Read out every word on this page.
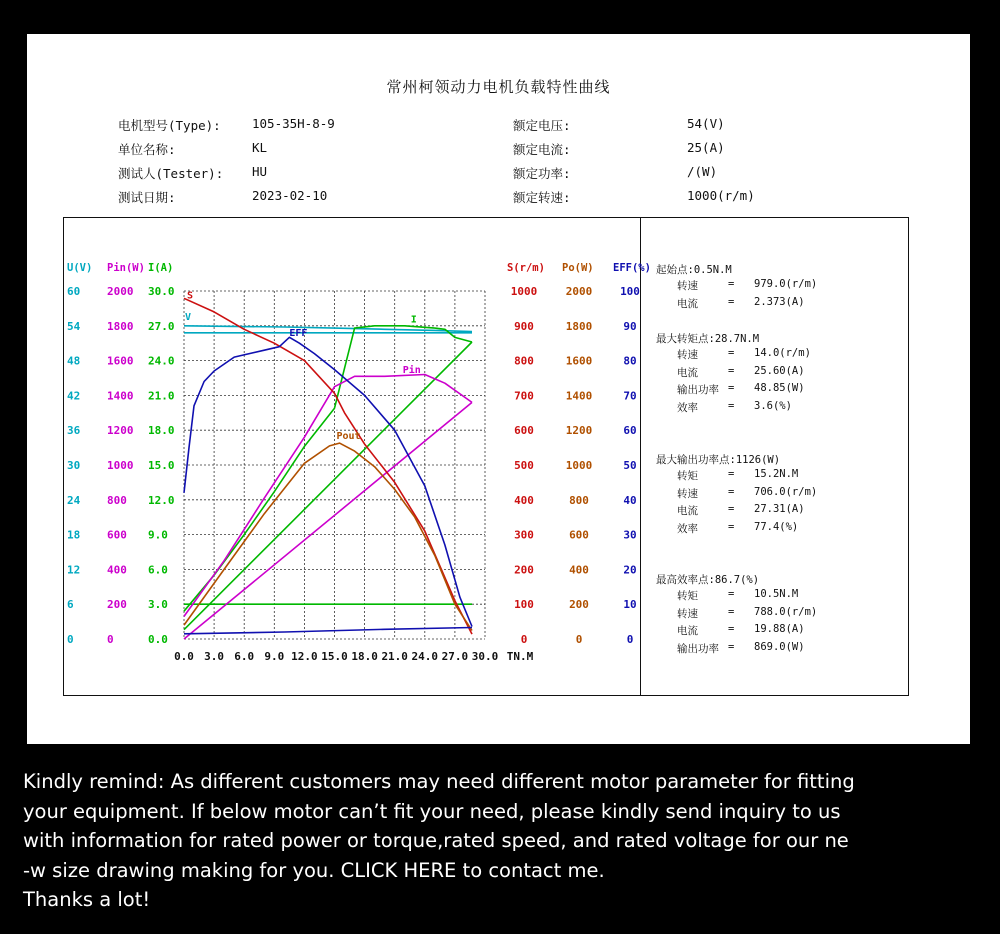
常州柯领动力电机负载特性曲线
电机型号(Type):	105-35H-8-9
单位名称:	KL
测试人(Tester): HU
测试日期:	2023-02-10
额定电压:	54(V)
额定电流:	25(A)
额定功率:	/(W)
额定转速:	1000(r/m)
0.0 3.0 6.0 9.0 12.0 15.0 18.0 21.0 24.0 27.0 30.0 TN.M
U(V)
60
54
48
42
36
30
24
18
12
6
0
Pin(W)
2000
1800
1600
1400
1200
1000
800
600
400
200
0
I(A)
30.0
27.0
24.0
21.0
18.0
15.0
12.0
9.0
6.0
3.0
0.0
S(r/m)
1000
900
800
700
600
500
400
300
200
100
0
Po(W)
2000
1800
1600
1400
1200
1000
800
600
400
200
0
EFF(%)
100
90
80
70
60
50
40
30
20
10
0
S
V	I
EFF
Pin
Pout
起始点:0.5N.M
转速	= 979.0(r/m)
电流	= 2.373(A)
最大转矩点:28.7N.M
转速	= 14.0(r/m)
电流	= 25.60(A)
输出功率 = 48.85(W)
效率	= 3.6(%)
最大输出功率点:1126(W)
转矩	= 15.2N.M
转速	= 706.0(r/m)
电流	= 27.31(A)
效率	= 77.4(%)
最高效率点:86.7(%)
转矩	= 10.5N.M
转速	= 788.0(r/m)
电流	= 19.88(A)
输出功率 = 869.0(W)
Kindly remind: As different customers may need different motor parameter for fitting
your equipment. If below motor can’t fit your need, please kindly send inquiry to us
with information for rated power or torque,rated speed, and rated voltage for our ne
-w size drawing making for you. CLICK HERE to contact me.
Thanks a lot!
